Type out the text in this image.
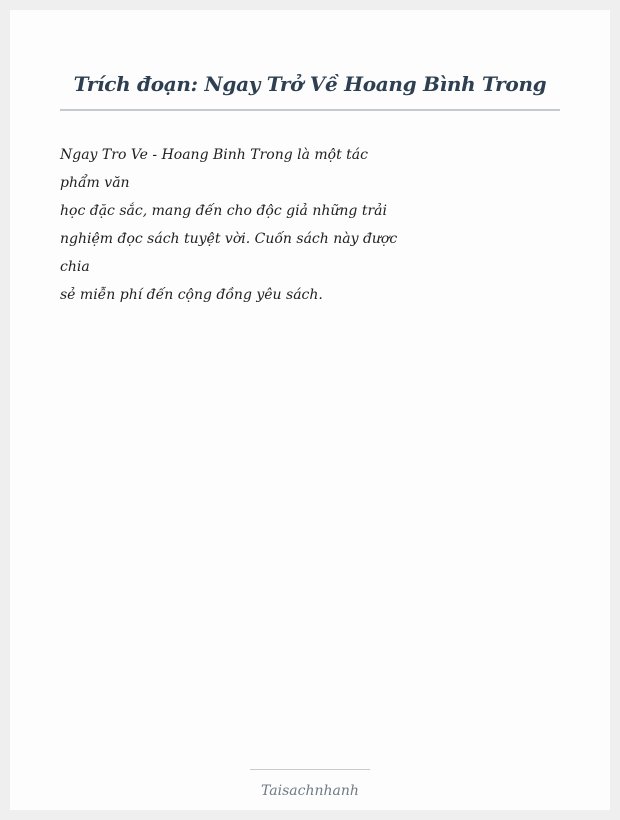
Trích đoạn: Ngay Trở Về Hoang Bình Trong
Ngay Tro Ve - Hoang Binh Trong là một tác
phẩm văn
học đặc sắc, mang đến cho độc giả những trải
nghiệm đọc sách tuyệt vời. Cuốn sách này được
chia
sẻ miễn phí đến cộng đồng yêu sách.
Taisachnhanh
